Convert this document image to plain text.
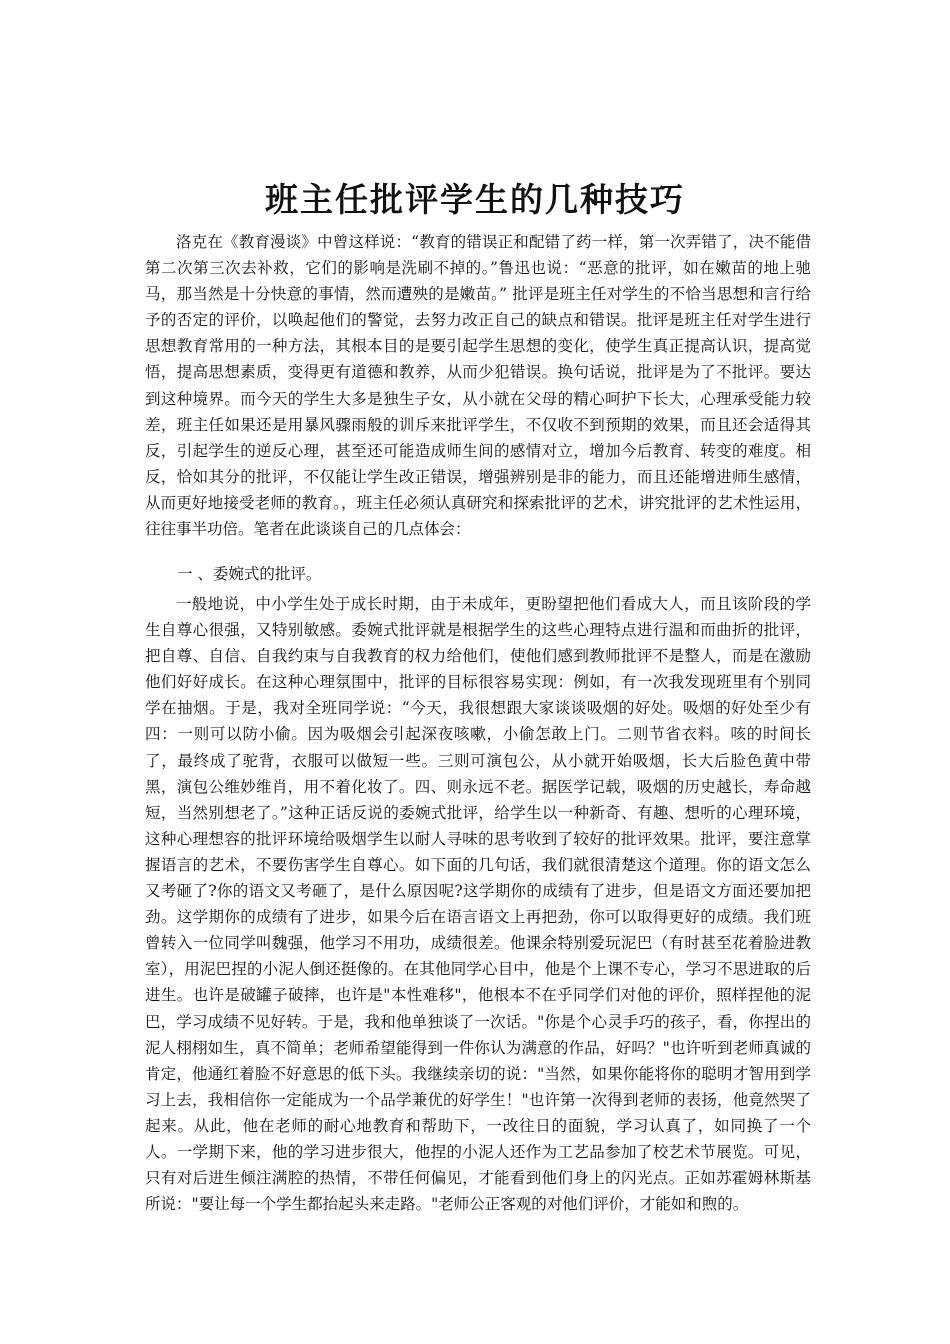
班主任批评学生的几种技巧

洛克在《教育漫谈》中曾这样说：“教育的错误正和配错了药一样，第一次弄错了，决不能借第二次第三次去补救，它们的影响是洗刷不掉的。”鲁迅也说：“恶意的批评，如在嫩苗的地上驰马，那当然是十分快意的事情，然而遭殃的是嫩苗。” 批评是班主任对学生的不恰当思想和言行给予的否定的评价，以唤起他们的警觉，去努力改正自己的缺点和错误。批评是班主任对学生进行思想教育常用的一种方法，其根本目的是要引起学生思想的变化，使学生真正提高认识，提高觉悟，提高思想素质，变得更有道德和教养，从而少犯错误。换句话说，批评是为了不批评。要达到这种境界。而今天的学生大多是独生子女，从小就在父母的精心呵护下长大，心理承受能力较差，班主任如果还是用暴风骤雨般的训斥来批评学生，不仅收不到预期的效果，而且还会适得其反，引起学生的逆反心理，甚至还可能造成师生间的感情对立，增加今后教育、转变的难度。相反，恰如其分的批评，不仅能让学生改正错误，增强辨别是非的能力，而且还能增进师生感情，从而更好地接受老师的教育。，班主任必须认真研究和探索批评的艺术，讲究批评的艺术性运用，往往事半功倍。笔者在此谈谈自己的几点体会：

一 、委婉式的批评。

一般地说，中小学生处于成长时期，由于未成年，更盼望把他们看成大人，而且该阶段的学生自尊心很强，又特别敏感。委婉式批评就是根据学生的这些心理特点进行温和而曲折的批评，把自尊、自信、自我约束与自我教育的权力给他们，使他们感到教师批评不是整人，而是在激励他们好好成长。在这种心理氛围中，批评的目标很容易实现：例如，有一次我发现班里有个别同学在抽烟。于是，我对全班同学说：“今天，我很想跟大家谈谈吸烟的好处。吸烟的好处至少有四：一则可以防小偷。因为吸烟会引起深夜咳嗽，小偷怎敢上门。二则节省衣料。咳的时间长了，最终成了驼背，衣服可以做短一些。三则可演包公，从小就开始吸烟，长大后脸色黄中带黑，演包公维妙维肖，用不着化妆了。四、则永远不老。据医学记载，吸烟的历史越长，寿命越短，当然别想老了。”这种正话反说的委婉式批评，给学生以一种新奇、有趣、想听的心理环境，这种心理想容的批评环境给吸烟学生以耐人寻味的思考收到了较好的批评效果。批评，要注意掌握语言的艺术，不要伤害学生自尊心。如下面的几句话，我们就很清楚这个道理。你的语文怎么又考砸了?你的语文又考砸了，是什么原因呢?这学期你的成绩有了进步，但是语文方面还要加把劲。这学期你的成绩有了进步，如果今后在语言语文上再把劲，你可以取得更好的成绩。我们班曾转入一位同学叫魏强，他学习不用功，成绩很差。他课余特别爱玩泥巴（有时甚至花着脸进教室），用泥巴捏的小泥人倒还挺像的。在其他同学心目中，他是个上课不专心，学习不思进取的后进生。也许是破罐子破摔，也许是"本性难移"，他根本不在乎同学们对他的评价，照样捏他的泥巴，学习成绩不见好转。于是，我和他单独谈了一次话。"你是个心灵手巧的孩子，看，你捏出的泥人栩栩如生，真不简单；老师希望能得到一件你认为满意的作品，好吗？"也许听到老师真诚的肯定，他通红着脸不好意思的低下头。我继续亲切的说："当然，如果你能将你的聪明才智用到学习上去，我相信你一定能成为一个品学兼优的好学生！"也许第一次得到老师的表扬，他竟然哭了起来。从此，他在老师的耐心地教育和帮助下，一改往日的面貌，学习认真了，如同换了一个人。一学期下来，他的学习进步很大，他捏的小泥人还作为工艺品参加了校艺术节展览。可见，只有对后进生倾注满腔的热情，不带任何偏见，才能看到他们身上的闪光点。正如苏霍姆林斯基所说："要让每一个学生都抬起头来走路。"老师公正客观的对他们评价，才能如和煦的。
